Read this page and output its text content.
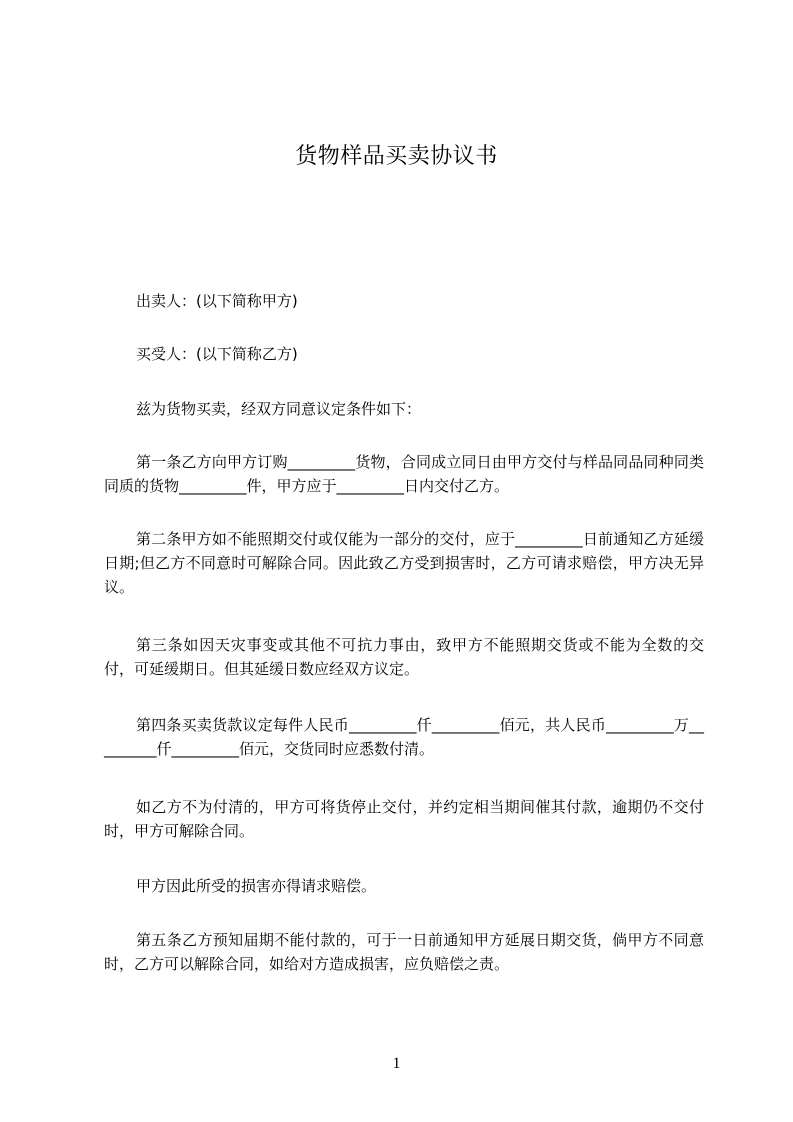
货物样品买卖协议书

出卖人：(以下简称甲方)

买受人：(以下简称乙方)

兹为货物买卖，经双方同意议定条件如下：

第一条乙方向甲方订购_________货物，合同成立同日由甲方交付与样品同品同种同类同质的货物_________件，甲方应于_________日内交付乙方。

第二条甲方如不能照期交付或仅能为一部分的交付，应于_________日前通知乙方延缓日期;但乙方不同意时可解除合同。因此致乙方受到损害时，乙方可请求赔偿，甲方决无异议。

第三条如因天灾事变或其他不可抗力事由，致甲方不能照期交货或不能为全数的交付，可延缓期日。但其延缓日数应经双方议定。

第四条买卖货款议定每件人民币_________仟_________佰元，共人民币_________万_________仟_________佰元，交货同时应悉数付清。

如乙方不为付清的，甲方可将货停止交付，并约定相当期间催其付款，逾期仍不交付时，甲方可解除合同。

甲方因此所受的损害亦得请求赔偿。

第五条乙方预知届期不能付款的，可于一日前通知甲方延展日期交货，倘甲方不同意时，乙方可以解除合同，如给对方造成损害，应负赔偿之责。

1
